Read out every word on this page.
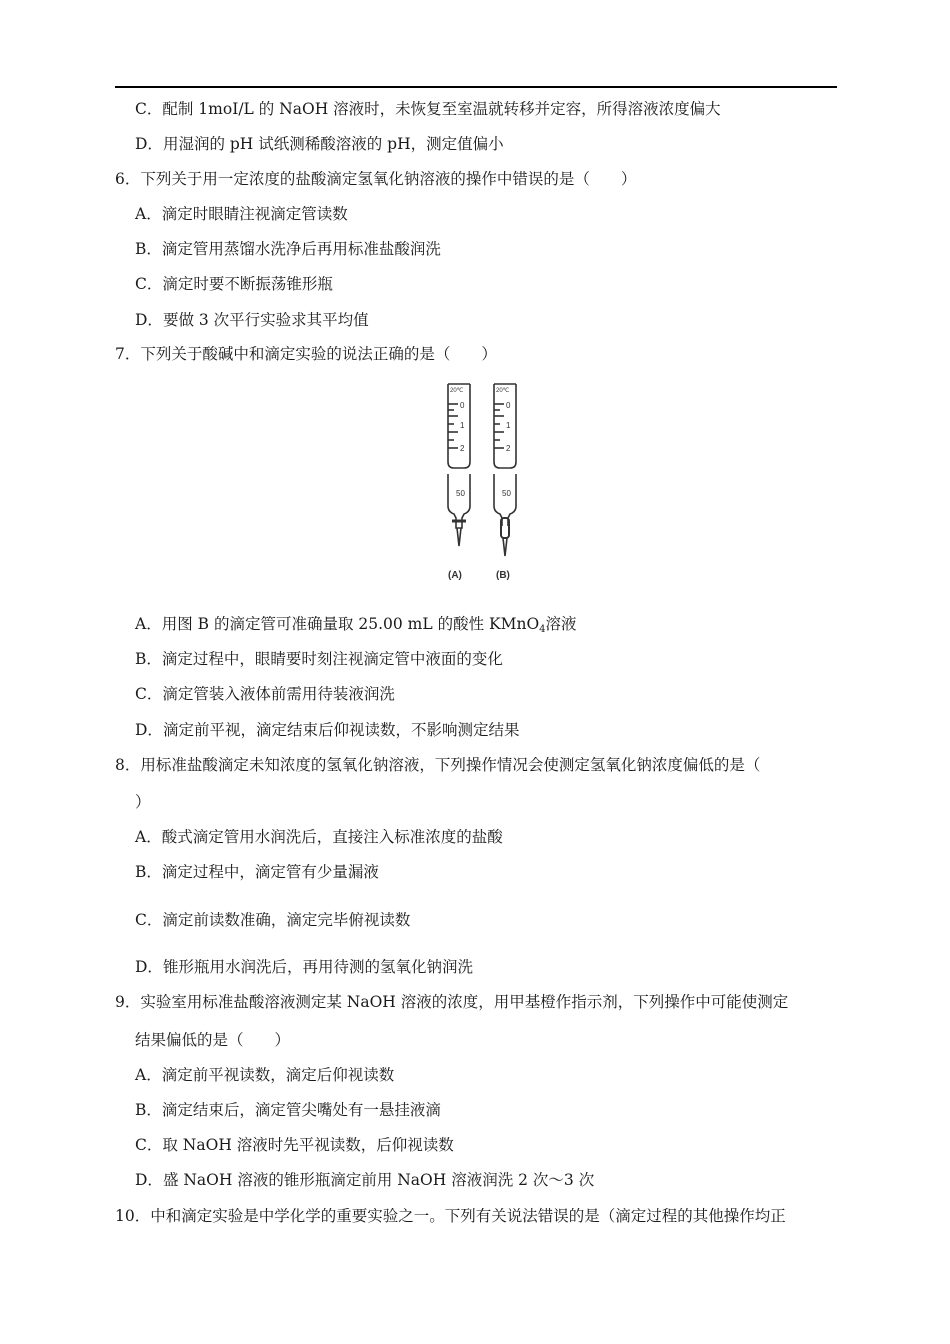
C．配制 1moI/L 的 NaOH 溶液时，未恢复至室温就转移并定容，所得溶液浓度偏大
D．用湿润的 pH 试纸测稀酸溶液的 pH，测定值偏小
6．下列关于用一定浓度的盐酸滴定氢氧化钠溶液的操作中错误的是（　　）
A．滴定时眼睛注视滴定管读数
B．滴定管用蒸馏水洗净后再用标准盐酸润洗
C．滴定时要不断振荡锥形瓶
D．要做 3 次平行实验求其平均值
7．下列关于酸碱中和滴定实验的说法正确的是（　　）
20℃	20℃
0
1
2
0
1
2
50	50
(A)	(B)
A．用图 B 的滴定管可准确量取 25.00 mL 的酸性 KMnO$_4$溶液
B．滴定过程中，眼睛要时刻注视滴定管中液面的变化
C．滴定管装入液体前需用待装液润洗
D．滴定前平视，滴定结束后仰视读数，不影响测定结果
8．用标准盐酸滴定未知浓度的氢氧化钠溶液，下列操作情况会使测定氢氧化钠浓度偏低的是（
）
A．酸式滴定管用水润洗后，直接注入标准浓度的盐酸
B．滴定过程中，滴定管有少量漏液
C．滴定前读数准确，滴定完毕俯视读数
D．锥形瓶用水润洗后，再用待测的氢氧化钠润洗
9．实验室用标准盐酸溶液测定某 NaOH 溶液的浓度，用甲基橙作指示剂，下列操作中可能使测定
结果偏低的是（　　）
A．滴定前平视读数，滴定后仰视读数
B．滴定结束后，滴定管尖嘴处有一悬挂液滴
C．取 NaOH 溶液时先平视读数，后仰视读数
D．盛 NaOH 溶液的锥形瓶滴定前用 NaOH 溶液润洗 2 次～3 次
10．中和滴定实验是中学化学的重要实验之一。下列有关说法错误的是（滴定过程的其他操作均正
